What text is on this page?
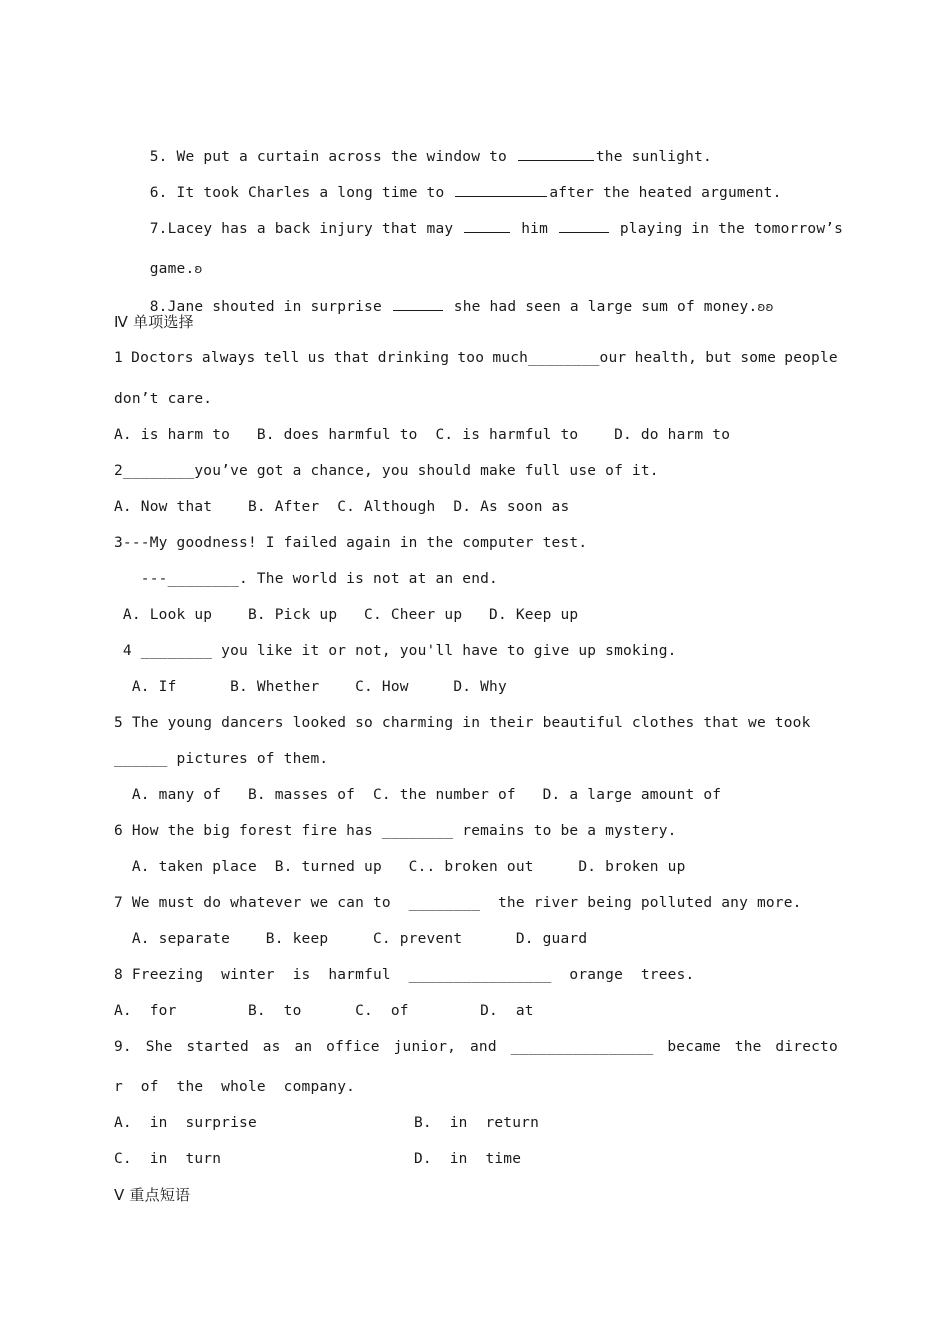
5. We put a curtain across the window to	the sunlight.

6. It took Charles a long time to	after the heated argument.

7.Lacey has a back injury that may	him	playing in the tomorrow’s

game.ʚ

8.Jane shouted in surprise	she had seen a large sum of money.ʚʚ

Ⅳ 单项选择
1 Doctors always tell us that drinking too much________our health, but some people
don’t care.
A. is harm to   B. does harmful to  C. is harmful to    D. do harm to
2________you’ve got a chance, you should make full use of it.
A. Now that    B. After  C. Although  D. As soon as
3---My goodness! I failed again in the computer test.
---________. The world is not at an end.
A. Look up    B. Pick up   C. Cheer up   D. Keep up
4 ________ you like it or not, you'll have to give up smoking.
A. If      B. Whether    C. How     D. Why
5 The young dancers looked so charming in their beautiful clothes that we took
______ pictures of them.
A. many of   B. masses of  C. the number of   D. a large amount of
6 How the big forest fire has ________ remains to be a mystery.
A. taken place  B. turned up   C.. broken out     D. broken up
7 We must do whatever we can to  ________  the river being polluted any more.
A. separate    B. keep     C. prevent      D. guard
8 Freezing  winter  is  harmful  ________________  orange  trees.
A.  for        B.  to      C.  of        D.  at
9. She started as an office junior, and ________________ became the directo
r  of  the  whole  company.
A.  in  surprise	B.  in  return
C.  in  turn	D.  in  time
Ⅴ 重点短语
